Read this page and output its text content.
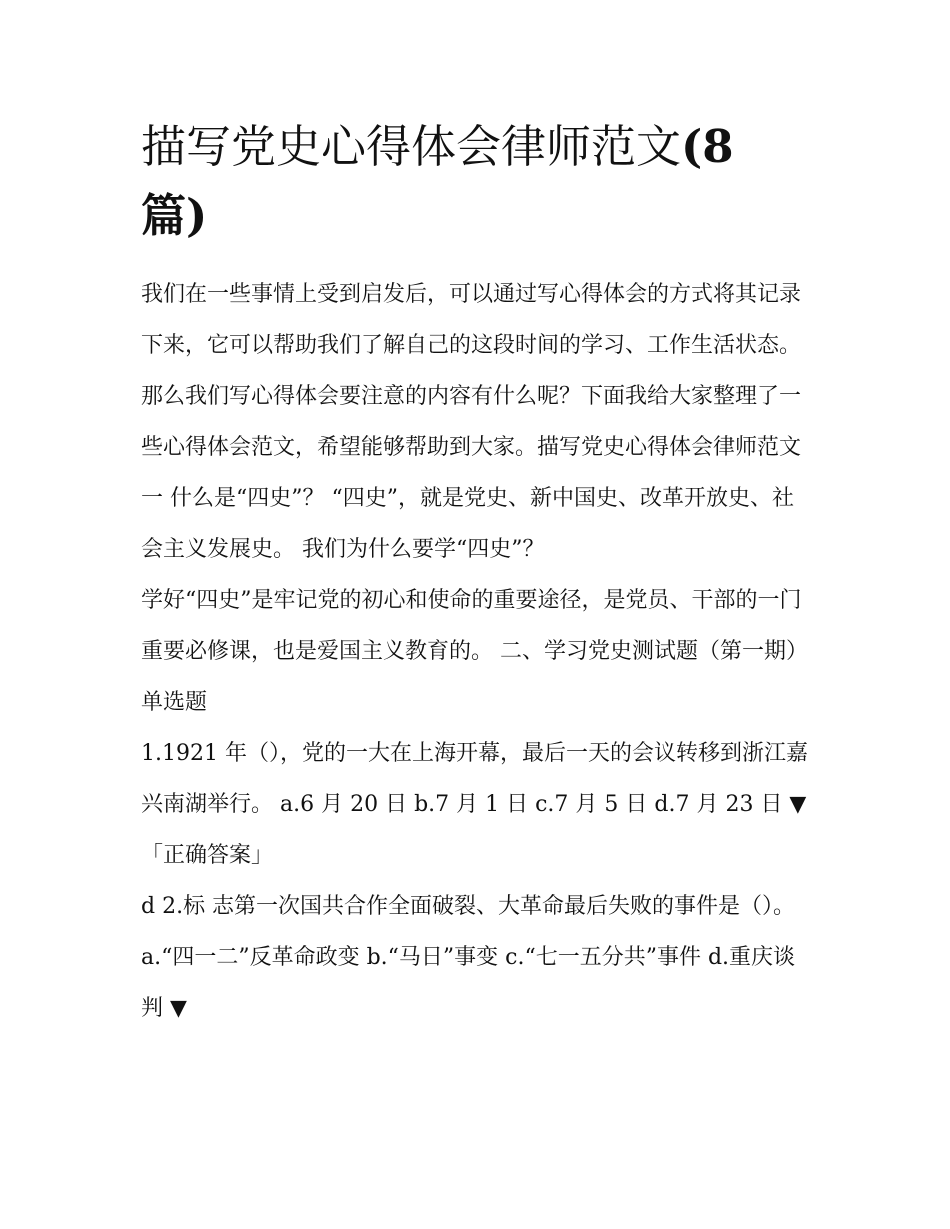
描写党史心得体会律师范文(8
篇)

我们在一些事情上受到启发后，可以通过写心得体会的方式将其记录下来，它可以帮助我们了解自己的这段时间的学习、工作生活状态。那么我们写心得体会要注意的内容有什么呢？下面我给大家整理了一些心得体会范文，希望能够帮助到大家。描写党史心得体会律师范文一 什么是“四史”？ “四史”，就是党史、新中国史、改革开放史、社会主义发展史。 我们为什么要学“四史”？

学好“四史”是牢记党的初心和使命的重要途径，是党员、干部的一门重要必修课，也是爱国主义教育的。 二、学习党史测试题（第一期） 单选题

1.1921 年（），党的一大在上海开幕，最后一天的会议转移到浙江嘉兴南湖举行。 a.6 月 20 日 b.7 月 1 日 c.7 月 5 日 d.7 月 23 日 ▼ 「正确答案」

d 2.标 志第一次国共合作全面破裂、大革命最后失败的事件是（）。 a.“四一二”反革命政变 b.“马日”事变 c.“七一五分共”事件 d.重庆谈判 ▼
